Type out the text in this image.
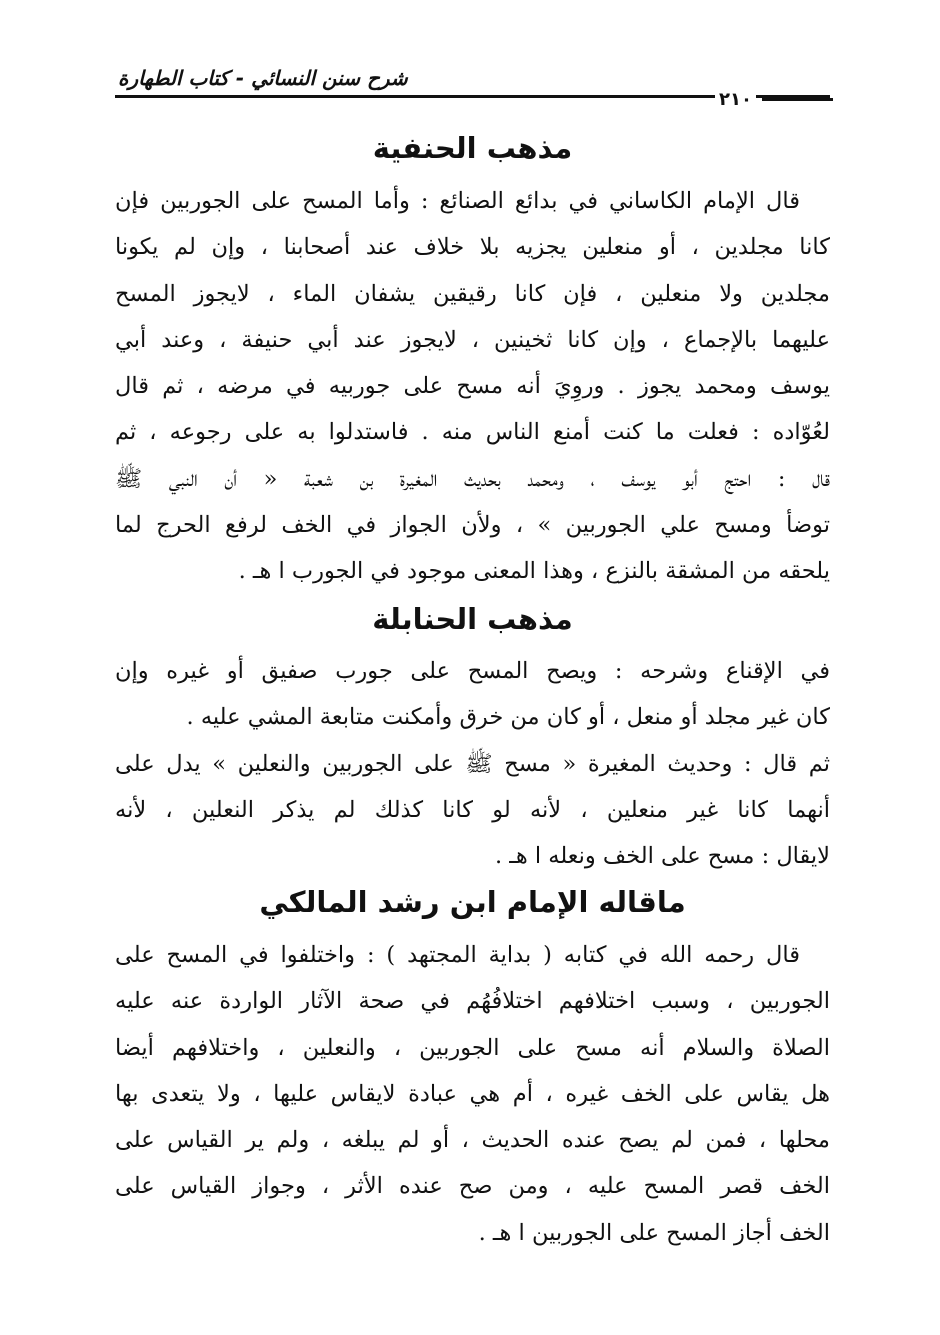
شرح سنن النسائي - كتاب الطهارة
٢١٠
مذهب الحنفية
قال الإمام الكاساني في بدائع الصنائع : وأما المسح على الجوربين فإن
كانا مجلدين ، أو منعلين يجزيه بلا خلاف عند أصحابنا ، وإن لم يكونا
مجلدين ولا منعلين ، فإن كانا رقيقين يشفان الماء ، لايجوز المسح
عليهما بالإجماع ، وإن كانا ثخينين ، لايجوز عند أبي حنيفة ، وعند أبي
يوسف ومحمد يجوز . وروِيَ أنه مسح على جوربيه في مرضه ، ثم قال
لعُوّاده : فعلت ما كنت أمنع الناس منه . فاستدلوا به على رجوعه ، ثم
قال : احتج أبو يوسف ، ومحمد بحديث المغيرة بن شعبة « أن النبي ﷺ
توضأ ومسح علي الجوربين » ، ولأن الجواز في الخف لرفع الحرج لما
يلحقه من المشقة بالنزع ، وهذا المعنى موجود في الجورب ا هـ .
مذهب الحنابلة
في الإقناع وشرحه : ويصح المسح على جورب صفيق أو غيره وإن
كان غير مجلد أو منعل ، أو كان من خرق وأمكنت متابعة المشي عليه .
ثم قال : وحديث المغيرة « مسح ﷺ على الجوربين والنعلين » يدل على
أنهما كانا غير منعلين ، لأنه لو كانا كذلك لم يذكر النعلين ، لأنه
لايقال : مسح على الخف ونعله ا هـ .
ماقاله الإمام ابن رشد المالكي
قال رحمه الله في كتابه ( بداية المجتهد ) : واختلفوا في المسح على
الجوربين ، وسبب اختلافهم اختلافُهُم في صحة الآثار الواردة عنه عليه
الصلاة والسلام أنه مسح على الجوربين ، والنعلين ، واختلافهم أيضا
هل يقاس على الخف غيره ، أم هي عبادة لايقاس عليها ، ولا يتعدى بها
محلها ، فمن لم يصح عنده الحديث ، أو لم يبلغه ، ولم ير القياس على
الخف قصر المسح عليه ، ومن صح عنده الأثر ، وجواز القياس على
الخف أجاز المسح على الجوربين ا هـ .
